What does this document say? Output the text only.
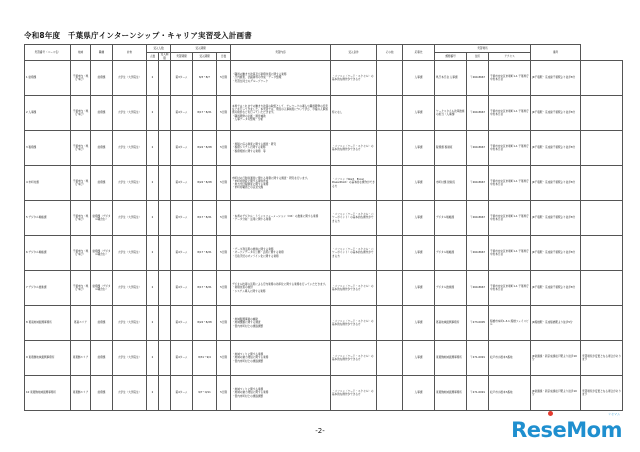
令和8年度　千葉県庁インターンシップ・キャリア実習受入計画書
実習番号（コース名）	地域	職種	対象	受入人数		受入期間			実習内容	受入条件	その他	応募先	実習場所			備考	
				人数	受入制限	実習期間	受入期間	日数					郵便番号	住所	アクセス		
1 総務課	千葉市内（県庁本庁）	総務課	大学生（大学院生）	2		第3ターム	8/3～8/7	5日間	・職員の働き方改革及び業務改善に関する業務
・庁内調査、会議資料の作成・データ整理
・実習生同士のグループワーク	・パソコン（ワード・エクセル）の基本的な操作ができる方		人事課	県庁本庁舎 人事課	〒260-8667	千葉市中央区市場町1-1 千葉県庁中央本庁舎	JR千葉駅・京成線千葉駅より徒歩8分	
2 人事課	千葉市内（県庁本庁）	総務課	大学生（大学院生）	2		第4ターム	8/17～8/21	5日間	本県ではこれまでの働き方改革の取組として、テレワークの導入や職員研修の充実などを行ってきました。本実習では、現在の人事制度について学び、今後の人事施策の検討などを行っていただきます。
・職員研修の企画・運営補助
・人事データの整理・分析	特になし		人事課	ワークスタイル改革推進の担当（人事課）	〒260-8667	千葉市中央区市場町1-1 千葉県庁中央本庁舎	JR千葉駅・京成線千葉駅より徒歩8分	
3 税務課	千葉市内（県庁本庁）	総務課	大学生（大学院生）	2		第4ターム	8/24～8/28	5日間	・県税に係る制度に関する調査・研究
・税務システムに関する業務
・税務相談に関する業務　等	・パソコン（ワード・エクセル）の基本的な操作ができる方		人事課	税務課 税制班	〒260-8667	千葉市中央区市場町1-1 千葉県庁中央本庁舎	JR千葉駅・京成線千葉駅より徒歩8分	
4 市町村課	千葉市内（県庁本庁）	総務課	大学生（大学院生）	2		第4ターム	8/24～8/28	5日間	市町村の行財政運営に関する業務に関する調査・研究を行います。
・市町村財政に関する資料作成
・地方交付税制度に関する業務
・市町村職員との意見交換	・パソコン（Word、Excel、PowerPoint）の基本的な操作ができる方		人事課	市町村課 財政班	〒260-8667	千葉市中央区市場町1-1 千葉県庁中央本庁舎	JR千葉駅・京成線千葉駅より徒歩8分	
5 デジタル戦略課	千葉市内（県庁本庁）	総務課（デジタル職含む）	大学生（大学院生）	2		第3ターム	8/17～8/21	5日間	・本県のデジタル・トランスフォーメーション（DX）の推進に関する業務
・データ分析・活用に関する業務	・パソコン（ワード・エクセル・パワーポイント）の基本的な操作ができる方		人事課	デジタル戦略課	〒260-8667	千葉市中央区市場町1-1 千葉県庁中央本庁舎	JR千葉駅・京成線千葉駅より徒歩8分	
6 デジタル戦略課	千葉市内（県庁本庁）	総務課（デジタル職含む）	大学生（大学院生）	2		第4ターム	8/17～8/21	5日間	・データ利活用の推進に関する業務
・オープンデータの公開・活用に関する業務
・行政手続のオンライン化に関する業務	・パソコン（ワード・エクセル・パワーポイント）の基本的な操作ができる方		人事課	デジタル戦略課	〒260-8667	千葉市中央区市場町1-1 千葉県庁中央本庁舎	JR千葉駅・京成線千葉駅より徒歩8分	
7 デジタル推進課	千葉市内（県庁本庁）	総務課（デジタル職含む）	大学生（大学院生）	2		第4ターム	8/17～8/21	5日間	デジタル技術の活用による庁内業務の効率化に関する業務を行っていただきます。
・業務改善の検討
・システム導入に関する業務	・パソコン（ワード・エクセル）の基本的な操作ができる方		人事課	デジタル推進課	〒260-8667	千葉市中央区市場町1-1 千葉県庁中央本庁舎	JR千葉駅・京成線千葉駅より徒歩8分	
8 葛南地域振興事務所	葛南エリア	総務課	大学生（大学院生）	2		第4ターム	8/24～8/28	5日間	・地域振興事業の補助
・地域課題に関する調査
・管内市町村との連絡調整	・パソコン（ワード・エクセル）の基本的な操作ができる方		人事課	葛南地域振興事務所	〒273-0005	船橋市本町1-3-1 船橋フェイスビル	JR船橋駅・京成船橋駅より徒歩5分	
9 東葛飾地域振興事務所	東葛飾エリア	総務課	大学生（大学院生）	2		第4ターム	8/31～9/4	5日間	・地域づくりに関する業務
・地域の魅力発信に関する業務
・管内市町村との連絡調整	・パソコン（ワード・エクセル）の基本的な操作ができる方		人事課	東葛飾地域振興事務所	〒271-0091	松戸市小根本7番地	JR常磐線・新京成線松戸駅より徒歩10分	実習場所が変更となる場合があります
10 東葛飾地域振興事務所	東葛飾エリア	総務課	大学生（大学院生）	2		第4ターム	9/7～9/11	5日間	・地域づくりに関する業務
・地域の魅力発信に関する業務
・管内市町村との連絡調整	・パソコン（ワード・エクセル）の基本的な操作ができる方		人事課	東葛飾地域振興事務所	〒271-0091	松戸市小根本7番地	JR常磐線・新京成線松戸駅より徒歩10分	実習場所が変更となる場合があります
-2-	ReseMom
リセマム
